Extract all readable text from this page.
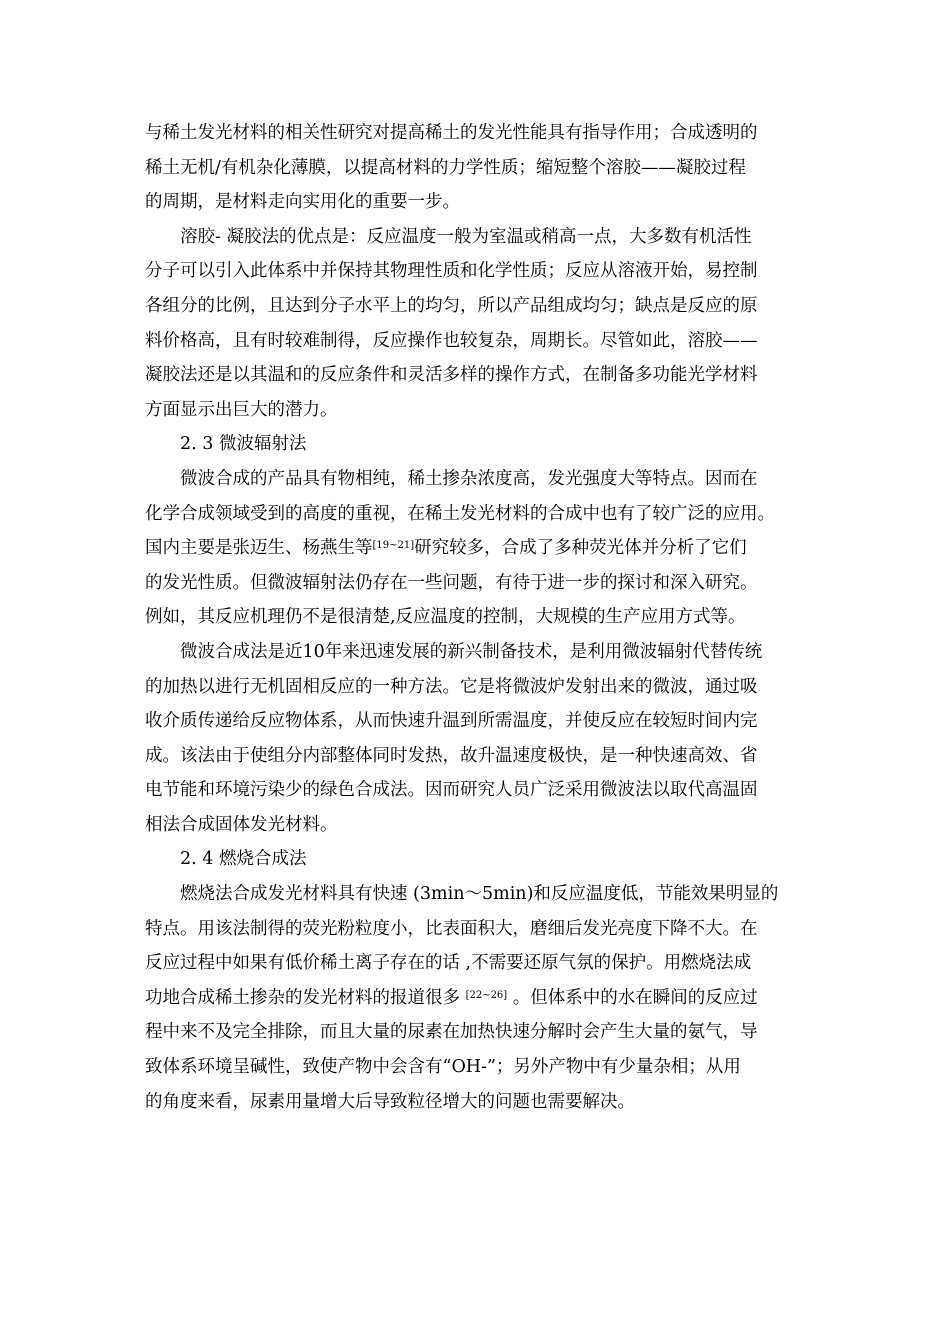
与稀土发光材料的相关性研究对提高稀土的发光性能具有指导作用；合成透明的
稀土无机/有机杂化薄膜，以提高材料的力学性质；缩短整个溶胶——凝胶过程
的周期，是材料走向实用化的重要一步。
溶胶- 凝胶法的优点是：反应温度一般为室温或稍高一点，大多数有机活性
分子可以引入此体系中并保持其物理性质和化学性质；反应从溶液开始，易控制
各组分的比例，且达到分子水平上的均匀，所以产品组成均匀；缺点是反应的原
料价格高，且有时较难制得，反应操作也较复杂，周期长。尽管如此，溶胶——
凝胶法还是以其温和的反应条件和灵活多样的操作方式，在制备多功能光学材料
方面显示出巨大的潜力。
2. 3 微波辐射法
微波合成的产品具有物相纯，稀土掺杂浓度高，发光强度大等特点。因而在
化学合成领域受到的高度的重视，在稀土发光材料的合成中也有了较广泛的应用。
国内主要是张迈生、杨燕生等[19~21]研究较多，合成了多种荧光体并分析了它们
的发光性质。但微波辐射法仍存在一些问题，有待于进一步的探讨和深入研究。
例如，其反应机理仍不是很清楚,反应温度的控制，大规模的生产应用方式等。
微波合成法是近10年来迅速发展的新兴制备技术，是利用微波辐射代替传统
的加热以进行无机固相反应的一种方法。它是将微波炉发射出来的微波，通过吸
收介质传递给反应物体系，从而快速升温到所需温度，并使反应在较短时间内完
成。该法由于使组分内部整体同时发热，故升温速度极快，是一种快速高效、省
电节能和环境污染少的绿色合成法。因而研究人员广泛采用微波法以取代高温固
相法合成固体发光材料。
2. 4 燃烧合成法
燃烧法合成发光材料具有快速 (3min～5min)和反应温度低，节能效果明显的
特点。用该法制得的荧光粉粒度小，比表面积大，磨细后发光亮度下降不大。在
反应过程中如果有低价稀土离子存在的话 ,不需要还原气氛的保护。用燃烧法成
功地合成稀土掺杂的发光材料的报道很多 [22~26] 。但体系中的水在瞬间的反应过
程中来不及完全排除，而且大量的尿素在加热快速分解时会产生大量的氨气，导
致体系环境呈碱性，致使产物中会含有“OH-”；另外产物中有少量杂相；从用
的角度来看，尿素用量增大后导致粒径增大的问题也需要解决。
